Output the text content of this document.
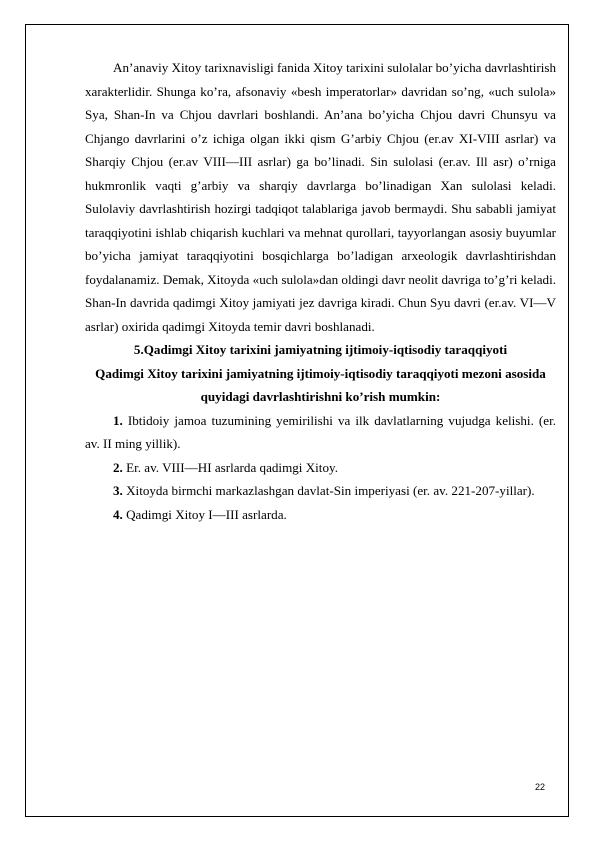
An’anaviy Xitoy tarixnavisligi fanida Xitoy tarixini sulolalar bo’yicha davrlashtirish xarakterlidir. Shunga ko’ra, afsonaviy «besh imperatorlar» davridan so’ng, «uch sulola» Sya, Shan-In va Chjou davrlari boshlandi. An’ana bo’yicha Chjou davri Chunsyu va Chjango davrlarini o’z ichiga olgan ikki qism G’arbiy Chjou (er.av XI-VIII asrlar) va Sharqiy Chjou (er.av VIII—III asrlar) ga bo’linadi. Sin sulolasi (er.av. Ill asr) o’rniga hukmronlik vaqti g’arbiy va sharqiy davrlarga bo’linadigan Xan sulolasi keladi. Sulolaviy davrlashtirish hozirgi tadqiqot talablariga javob bermaydi. Shu sababli jamiyat taraqqiyotini ishlab chiqarish kuchlari va mehnat qurollari, tayyorlangan asosiy buyumlar bo’yicha jamiyat taraqqiyotini bosqichlarga bo’ladigan arxeologik davrlashtirishdan foydalanamiz. Demak, Xitoyda «uch sulola»dan oldingi davr neolit davriga to’g’ri keladi. Shan-In davrida qadimgi Xitoy jamiyati jez davriga kiradi. Chun Syu davri (er.av. VI—V asrlar) oxirida qadimgi Xitoyda temir davri boshlanadi.

5.Qadimgi Xitoy tarixini jamiyatning ijtimoiy-iqtisodiy taraqqiyoti

Qadimgi Xitoy tarixini jamiyatning ijtimoiy-iqtisodiy taraqqiyoti mezoni asosida quyidagi davrlashtirishni ko’rish mumkin:

1. Ibtidoiy jamoa tuzumining yemirilishi va ilk davlatlarning vujudga kelishi. (er. av. II ming yillik).

2. Er. av. VIII—HI asrlarda qadimgi Xitoy.

3. Xitoyda birmchi markazlashgan davlat-Sin imperiyasi (er. av. 221-207-yillar).

4. Qadimgi Xitoy I—III asrlarda.

22
